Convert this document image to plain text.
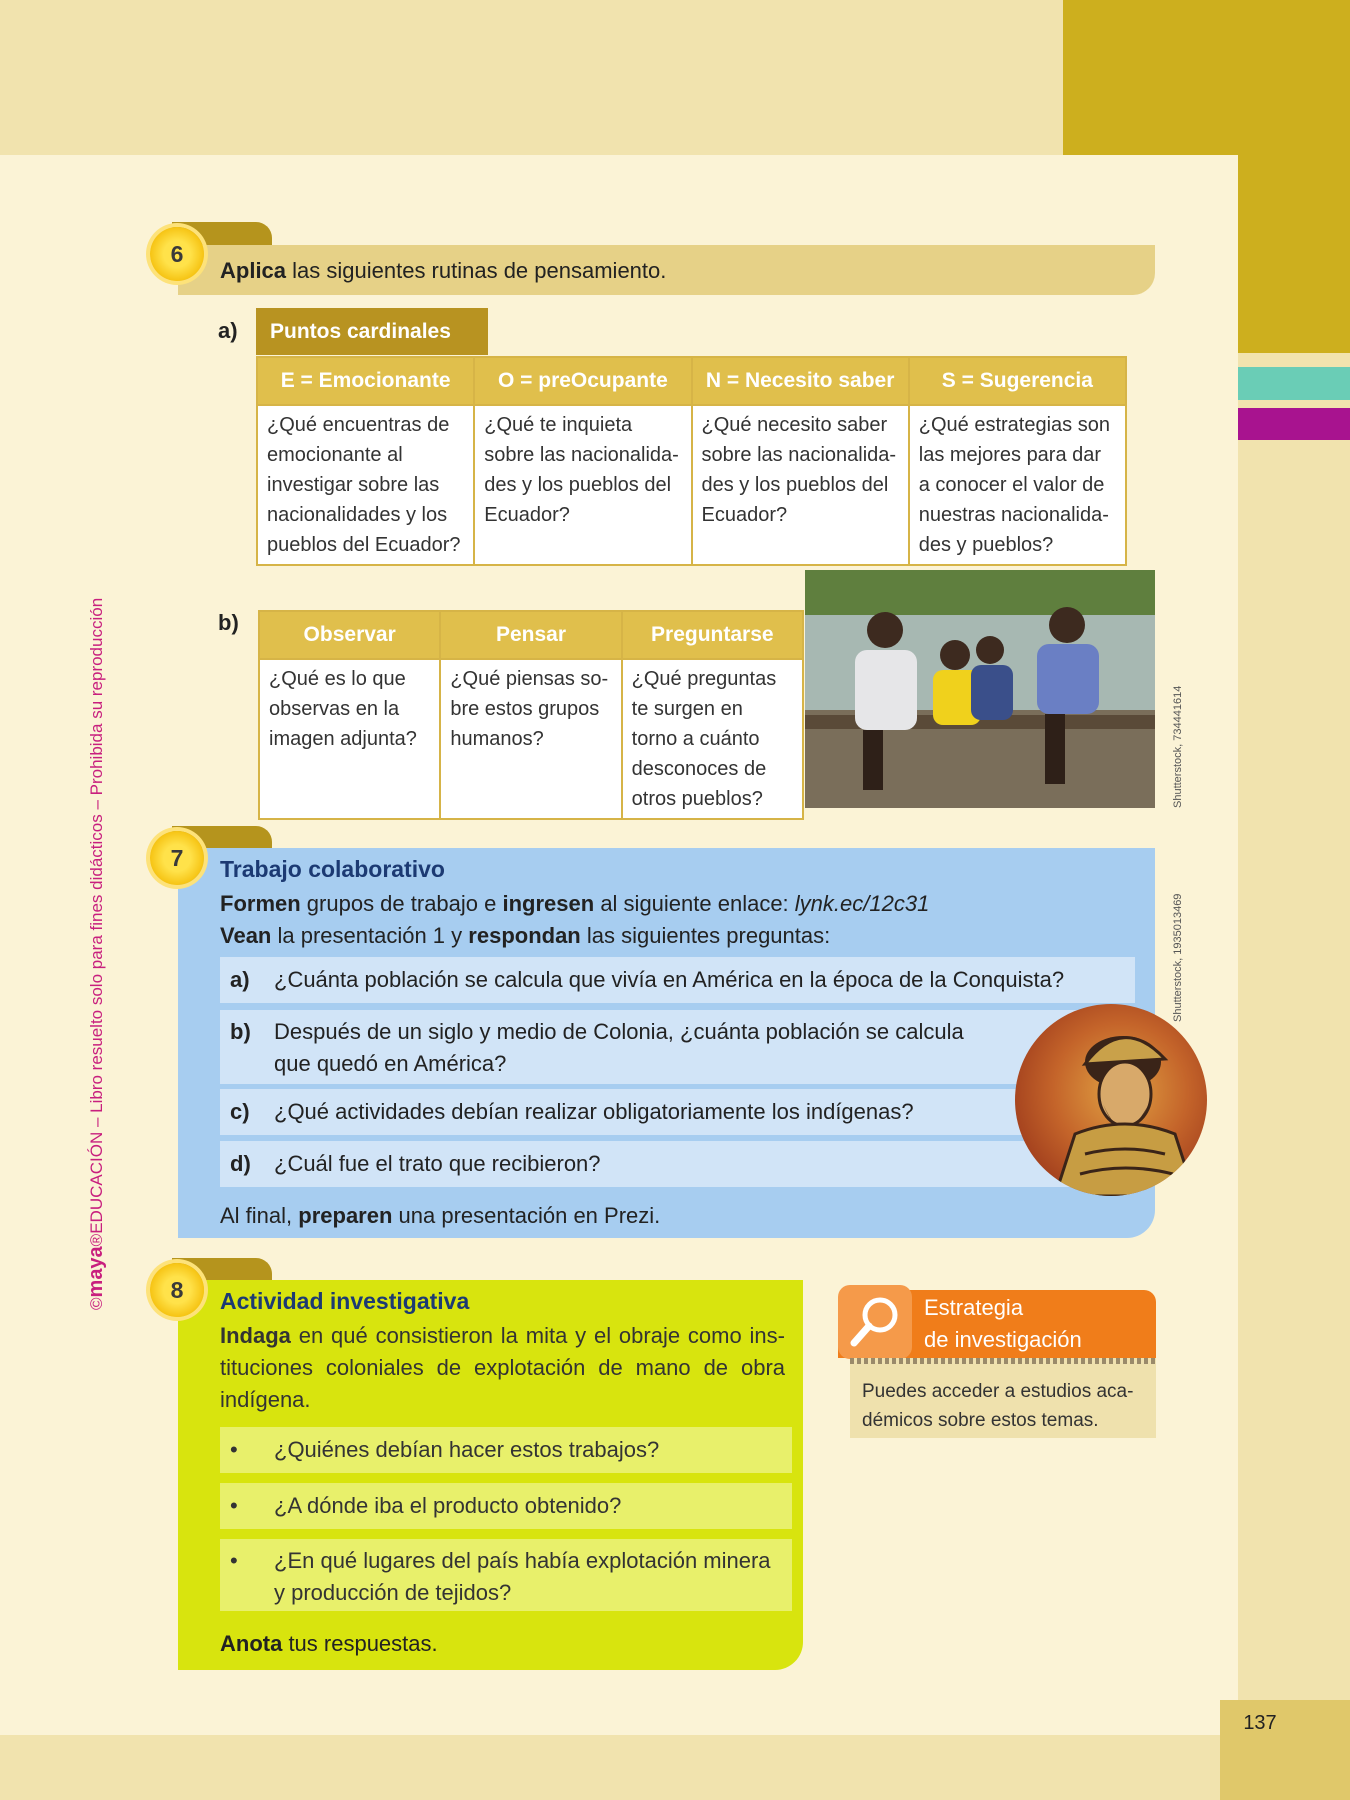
137
©maya®EDUCACIÓN – Libro resuelto solo para fines didácticos – Prohibida su reproducción
6
Aplica las siguientes rutinas de pensamiento.
a)	Puntos cardinales
E = Emocionante	O = preOcupante	N = Necesito saber	S = Sugerencia
¿Qué encuentras de emocionante al investigar sobre las nacionalidades y los pueblos del Ecuador?	¿Qué te inquieta sobre las nacionalidades y los pueblos del Ecuador?	¿Qué necesito saber sobre las nacionalidades y los pueblos del Ecuador?	¿Qué estrategias son las mejores para dar a conocer el valor de nuestras nacionalidades y pueblos?
b)	Observar	Pensar	Preguntarse
¿Qué es lo que observas en la imagen adjunta?	¿Qué piensas sobre estos grupos humanos?	¿Qué preguntas te surgen en torno a cuánto desconoces de otros pueblos?	Shutterstock, 734441614
7	Trabajo colaborativo
Formen grupos de trabajo e ingresen al siguiente enlace: lynk.ec/12c31
Vean la presentación 1 y respondan las siguientes preguntas:
a) ¿Cuánta población se calcula que vivía en América en la época de la Conquista?
b) Después de un siglo y medio de Colonia, ¿cuánta población se calcula que quedó en América?
c) ¿Qué actividades debían realizar obligatoriamente los indígenas?
d) ¿Cuál fue el trato que recibieron?
Al final, preparen una presentación en Prezi.
Shutterstock, 1935013469
8	Actividad investigativa
Indaga en qué consistieron la mita y el obraje como instituciones coloniales de explotación de mano de obra indígena.
• ¿Quiénes debían hacer estos trabajos?
• ¿A dónde iba el producto obtenido?
• ¿En qué lugares del país había explotación minera y producción de tejidos?
Anota tus respuestas.
Estrategia
de investigación
Puedes acceder a estudios académicos sobre estos temas.
